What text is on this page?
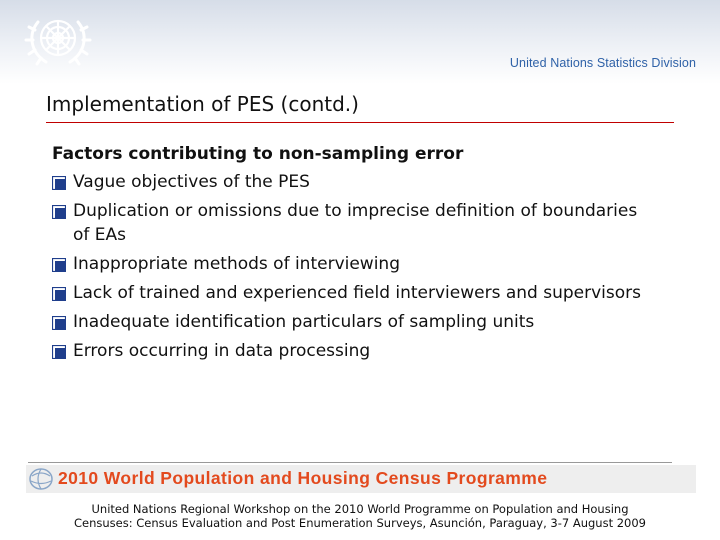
United Nations Statistics Division
Implementation of PES (contd.)
Factors contributing to non-sampling error
Vague objectives of the PES
Duplication or omissions due to imprecise definition of boundaries of EAs
Inappropriate methods of interviewing
Lack of trained and experienced field interviewers and supervisors
Inadequate identification particulars of sampling units
Errors occurring in data processing
2010 World Population and Housing Census Programme
United Nations Regional Workshop on the 2010 World Programme on Population and Housing
Censuses: Census Evaluation and Post Enumeration Surveys, Asunción, Paraguay, 3-7 August 2009
